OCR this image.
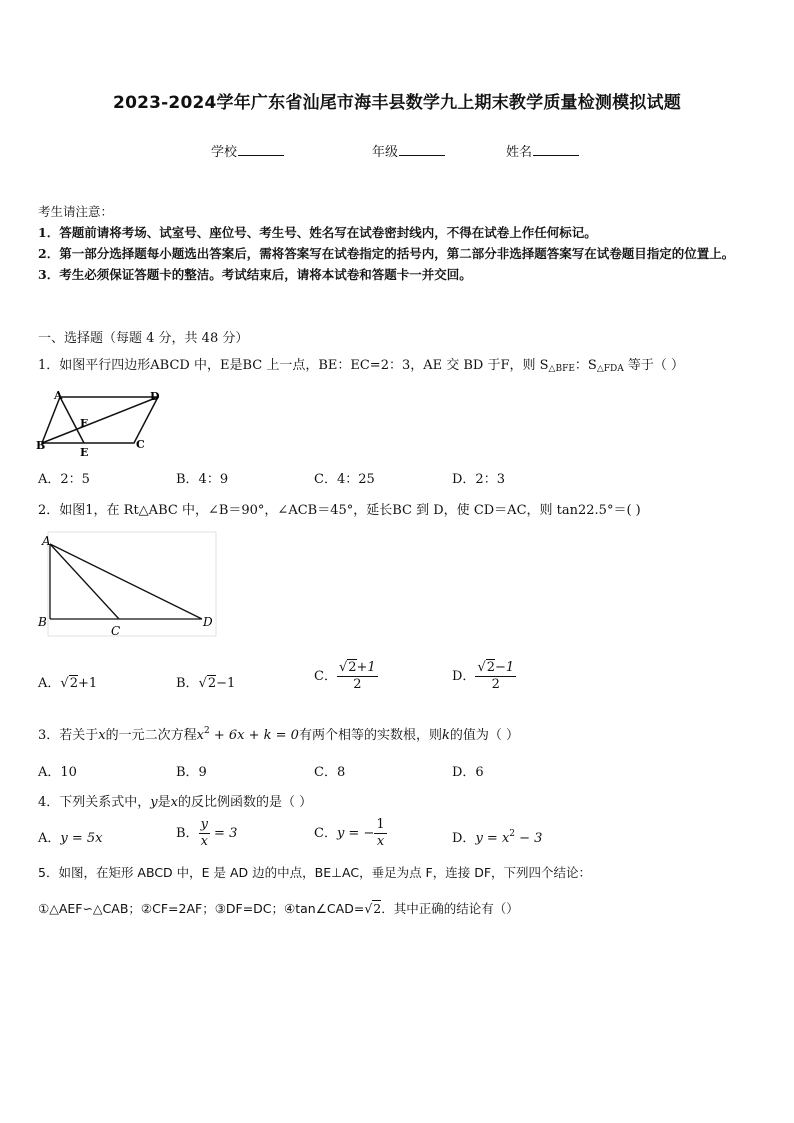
2023-2024学年广东省汕尾市海丰县数学九上期末教学质量检测模拟试题
学校	年级	姓名
考生请注意：
1．答题前请将考场、试室号、座位号、考生号、姓名写在试卷密封线内，不得在试卷上作任何标记。
2．第一部分选择题每小题选出答案后，需将答案写在试卷指定的括号内，第二部分非选择题答案写在试卷题目指定的位置上。
3．考生必须保证答题卡的整洁。考试结束后，请将本试卷和答题卡一并交回。
一、选择题（每题 4 分，共 48 分）
1．如图平行四边形ABCD 中，E是BC 上一点，BE：EC=2：3，AE 交 BD 于F，则 $S_{\triangle BFE}$：$S_{\triangle FDA}$ 等于（ ）
A	D
B	C
E
F
A．2：5	B．4：9	C．4：25	D．2：3
2．如图1，在 Rt△ABC 中，∠B＝90°，∠ACB＝45°，延长BC 到 D，使 CD＝AC，则 tan22.5°＝( )
A
B
C
D
A．√2+1	B．√2−1	C． $\frac{√2+1}{2}$	D． $\frac{√2-1}{2}$
3．若关于x的一元二次方程$x^2 + 6x + k = 0$有两个相等的实数根，则k的值为（ ）
A．10	B．9	C．8	D．6
4．下列关系式中，y是x的反比例函数的是（ ）
A．y = 5x	B． $\frac{y}{x} = 3$	C．y = − $\frac{1}{x}$	D．$y = x^2 - 3$
5．如图，在矩形 ABCD 中，E 是 AD 边的中点，BE⊥AC，垂足为点 F，连接 DF，下列四个结论：
①△AEF∽△CAB；②CF=2AF；③DF=DC；④tan∠CAD=√2．其中正确的结论有（）
